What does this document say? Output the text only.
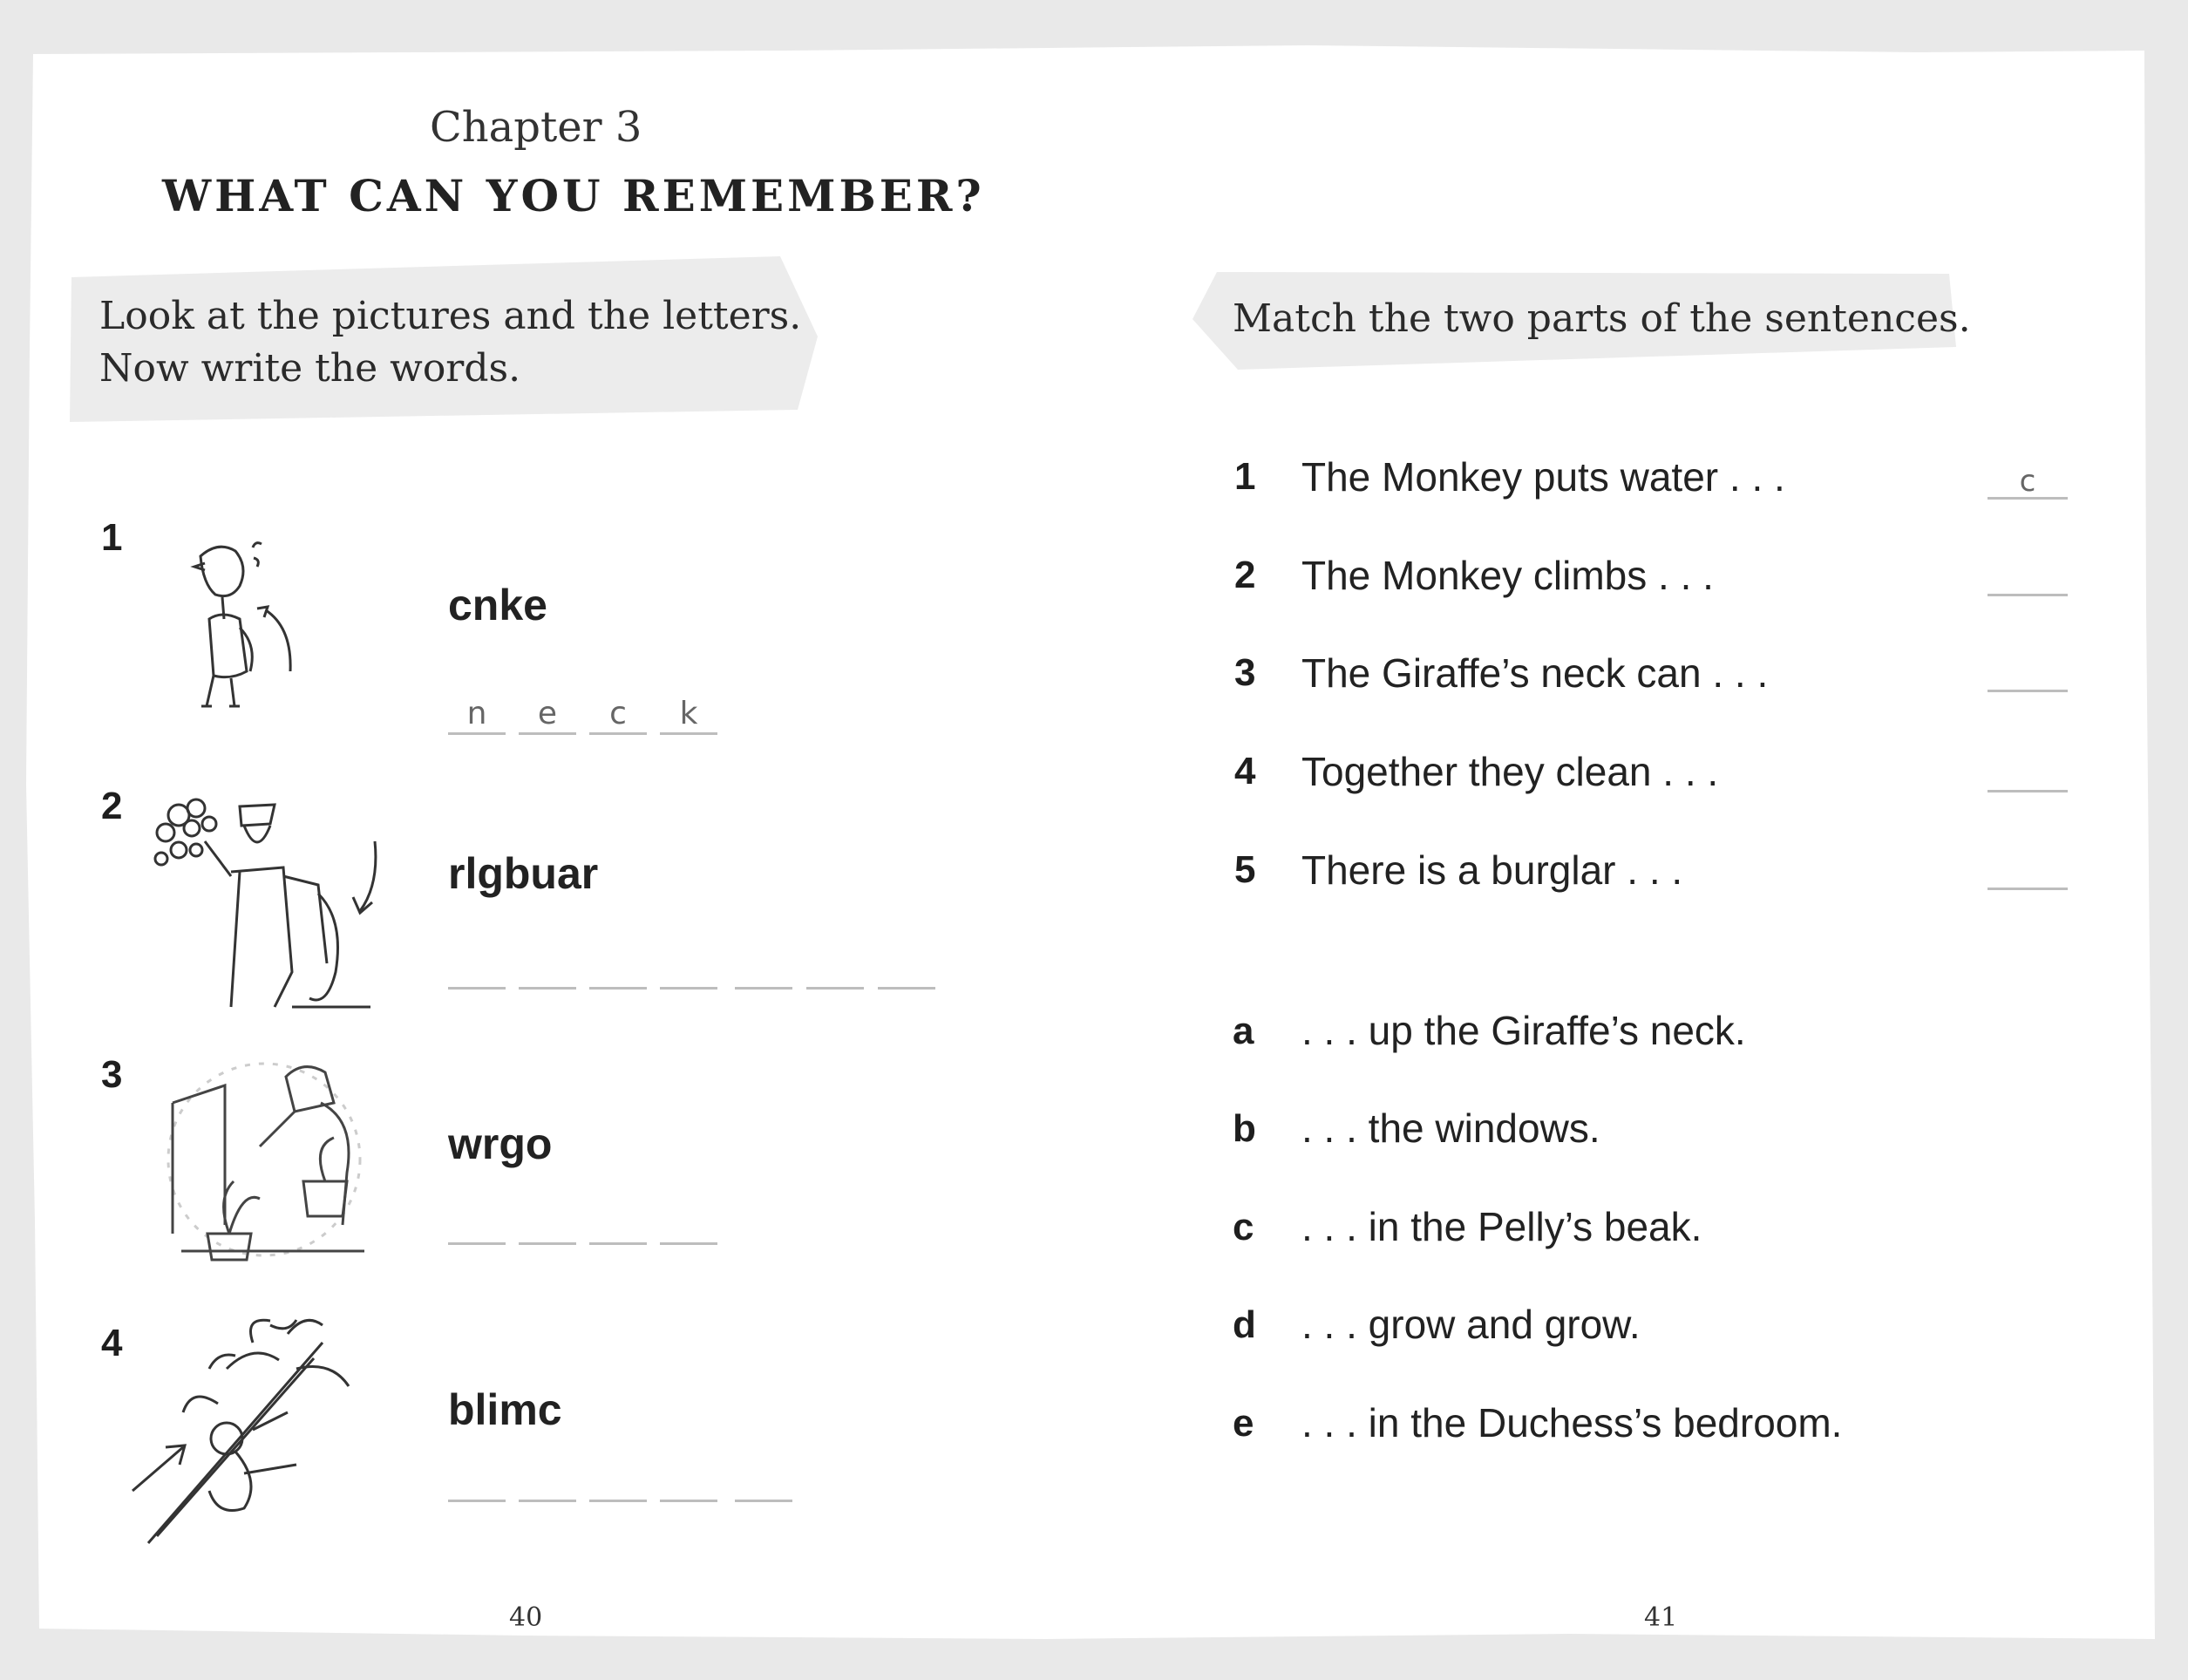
Chapter 3
WHAT CAN YOU REMEMBER?
Look at the pictures and the letters.
Now write the words.
1
cnke
n	e	c	k
2
rlgbuar
3
wrgo
4
blimc
40
Match the two parts of the sentences.
1 The Monkey puts water . . .	c
2 The Monkey climbs . . .
3 The Giraffe’s neck can . . .
4 Together they clean . . .
5 There is a burglar . . .
a . . . up the Giraffe’s neck.
b . . . the windows.
c . . . in the Pelly’s beak.
d . . . grow and grow.
e . . . in the Duchess’s bedroom.
41
